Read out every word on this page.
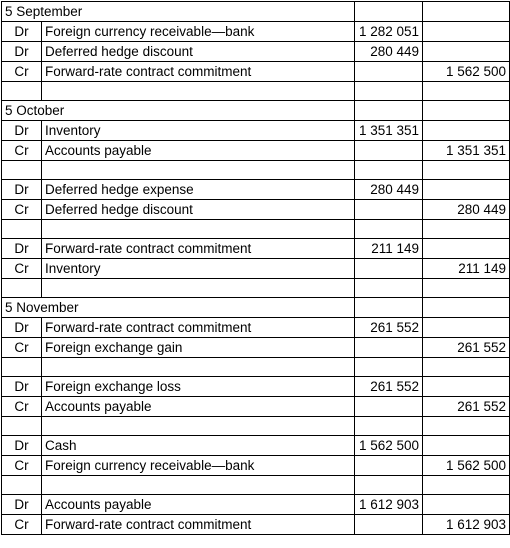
5 September			
Dr	Foreign currency receivable—bank	1 282 051	
Dr	Deferred hedge discount	280 449	
Cr	Forward-rate contract commitment		1 562 500

5 October			
Dr	Inventory	1 351 351	
Cr	Accounts payable		1 351 351

Dr	Deferred hedge expense	280 449	
Cr	Deferred hedge discount		280 449

Dr	Forward-rate contract commitment	211 149	
Cr	Inventory		211 149

5 November			
Dr	Forward-rate contract commitment	261 552	
Cr	Foreign exchange gain		261 552

Dr	Foreign exchange loss	261 552	
Cr	Accounts payable		261 552

Dr	Cash	1 562 500	
Cr	Foreign currency receivable—bank		1 562 500

Dr	Accounts payable	1 612 903	
Cr	Forward-rate contract commitment		1 612 903
